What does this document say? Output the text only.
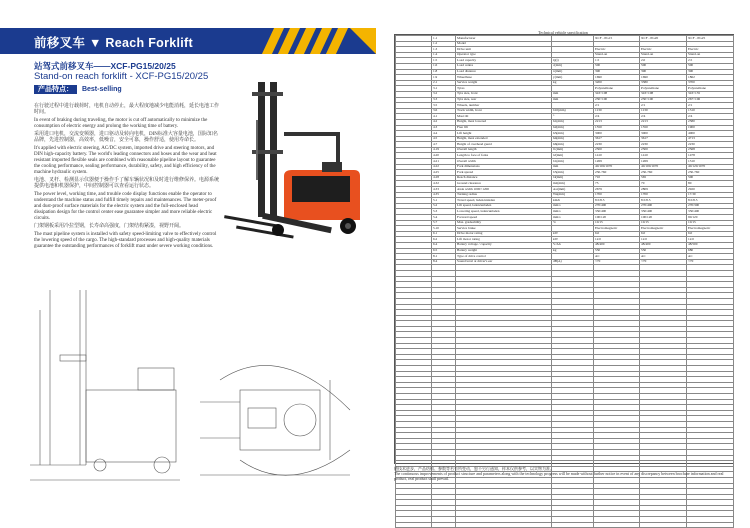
前移叉车 ▼ Reach Forklift
站驾式前移叉车——XCF-PG15/20/25
Stand-on reach forklift - XCF-PG15/20/25
产品特点： Best-selling

在行驶过程中进行载荷时，电机自动停止，最大程度地减少电能消耗，延长电池工作时间。

In event of braking during traveling, the motor is cut off automatically to minimize the consumption of electric energy and prolong the working time of battery.

采用进口电机，交流变频器，进口驱动及转向电机，DIN标准大容量电池，国际知名品牌，先进控制器，高效率，低噪音，安全可靠，操作舒适，使用寿命长。

It's applied with electric steering, AC/DC system, imported drive and steering motors, and DIN high-capacity battery. The world's leading connectors and hoses and the wear and heat resistant imported flexible seals are combined with reasonable pipeline layout to guarantee the cooling performance, sealing performance, durability, safety, and high efficiency of the machine hydraulic system.

电池、叉杆、检测显示仪器便于操作手了解车辆状况和及时进行维修保养。电源系统提供电池和机器保护，中间控制器可以查看运行状态。

The power level, working time, and trouble code display functions enable the operator to understand the machine status and fulfill timely repairs and maintenances. The meter-proof and dust-proof surface materials for the electric system and the full-enclosed head dissipation design for the control center ease guarantee simpler and more reliable electric circuits.

门架钢板采用冷拉型钢，长寿命高强度，门架结构紧凑，视野开阔。

The mast pipeline system is installed with safety speed-limiting valve to effectively control the lowering speed of the cargo. The high-standard processes and high-quality materials guarantee the outstanding performances of forklift mast under severe working conditions.

Technical vehicle specification
	1.1	Manufacturer		XCF - PG15	XCF - PG20	XCF - PG25
	1.2	Model				
	1.3	Drive unit		Electric	Electric	Electric
	1.4	Operator type		Stand-on	Stand-on	Stand-on
	1.5	Load capacity	Q(t)	1.5	2.0	2.5
	1.6	Load centre	c(mm)	500	500	500
	1.8	Load distance	x(mm)	390	390	390
	1.9	Wheelbase	y(mm)	1690	1690	1862
	2.1	Service weight	kg	3200	3380	3700
	3.1	Tyres		Polyurethane	Polyurethane	Polyurethane
	3.2	Tyre size, front	mm	343×108	343×108	343×135
	3.3	Tyre size, rear	mm	230×100	230×100	267×106
	3.5	Wheels, number		2/1	2/1	2/1
	3.6	Track width, front	b10(mm)	1130	1130	1310
	4.1	Mast tilt	°	2/4	2/4	2/4
	4.2	Height, mast lowered	h1(mm)	2213	2213	2580
	4.3	Free lift	h2(mm)	1550	1550	1900
	4.4	Lift height	h3(mm)	3000	3000	4000
	4.5	Height, mast extended	h4(mm)	3617	3617	4713
	4.7	Height of overhead guard	h6(mm)	2230	2230	2230
	4.19	Overall length	l1(mm)	2500	2500	2568
	4.20	Length to face of forks	l2(mm)	1410	1410	1478
	4.21	Overall width	b1(mm)	1269	1269	1310
	4.22	Fork dimensions	mm	40/100/1070	40/100/1070	40/120/1070
	4.25	Fork spread	b5(mm)	230-760	230-760	230-760
	4.28	Reach distance	l4(mm)	710	565	500
	4.32	Ground clearance	m2(mm)	75	70	80
	4.33	Aisle width 1000×1200	Ast(mm)	2679	2809	2920
	4.35	Turning radius	Wa(mm)	1700	1700	17.30
	5.1	Travel speed, laden/unladen	km/h	8.5/8.5	8.5/8.5	8.5/8.5
	5.2	Lift speed, laden/unladen	mm/s	270/400	270/400	270/300
	5.3	Lowering speed, laden/unladen	mm/s	350/400	350/400	350/400
	5.4	Forward speed	mm/s	100/120	100/120	90/120
	5.7	Max. gradeability	%	10/15	10/15	10/15
	5.10	Service brake		Electromagnetic	Electromagnetic	Electromagnetic
	6.1	Drive motor rating	kW	6.0	6.0	6.0
	6.2	Lift motor rating	kW	12.0	12.0	12.0
	6.4	Battery voltage / capacity	V/Ah	48/400	48/400	48/500
	6.5	Battery weight	kg	550	550	680
	8.1	Type of drive control		AC	AC	AC
	8.4	Sound level at driver's ear	dB(A)	<70	<70	<70

随技术进步，产品结构、参数等若有所变动，恕不另行通知，样本仅供参考，以实物为准。
The continuous improvements of product structure and parameters along with the technology progress will be made without further notice in event of any discrepancy between brochure information and real product, real product shall prevail.
